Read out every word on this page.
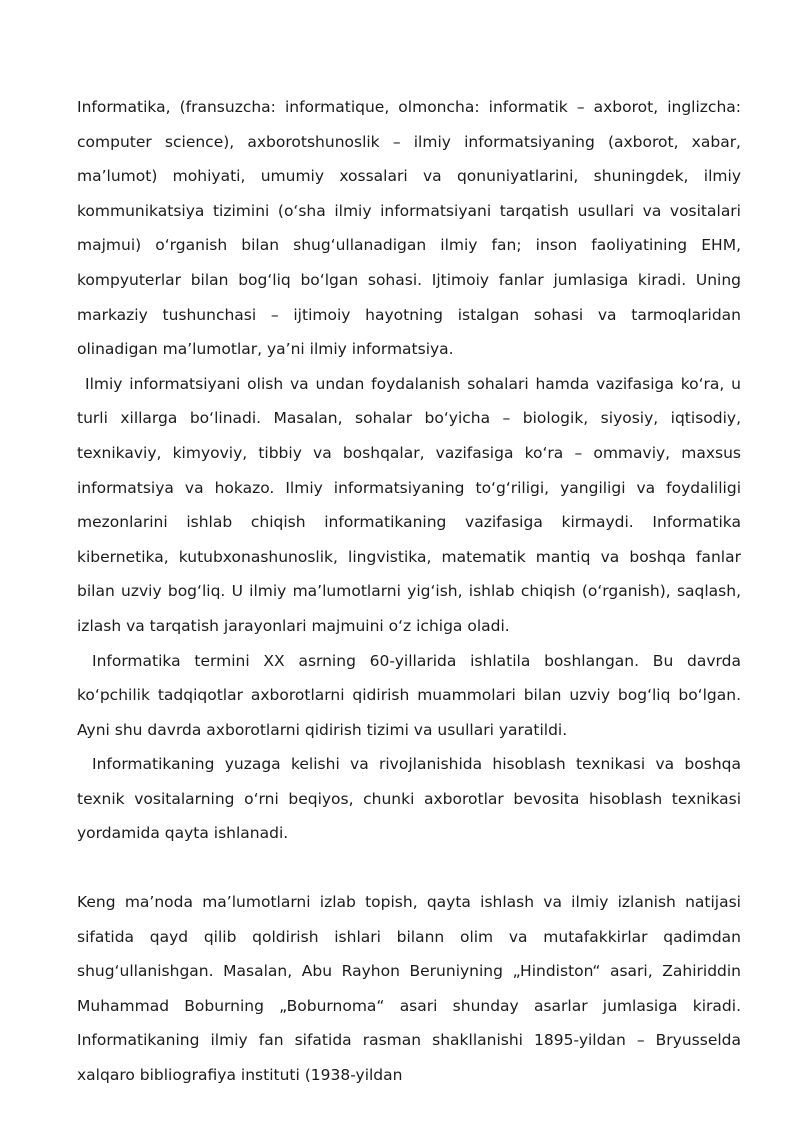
Informatika, (fransuzcha: informatique, olmoncha: informatik – axborot, inglizcha: computer science), axborotshunoslik – ilmiy informatsiyaning (axborot, xabar, ma’lumot) mohiyati, umumiy xossalari va qonuniyatlarini, shuningdek, ilmiy kommunikatsiya tizimini (o‘sha ilmiy informatsiyani tarqatish usullari va vositalari majmui) o‘rganish bilan shug‘ullanadigan ilmiy fan; inson faoliyatining EHM, kompyuterlar bilan bog‘liq bo‘lgan sohasi. Ijtimoiy fanlar jumlasiga kiradi. Uning markaziy tushunchasi – ijtimoiy hayotning istalgan sohasi va tarmoqlaridan olinadigan ma’lumotlar, ya’ni ilmiy informatsiya.

Ilmiy informatsiyani olish va undan foydalanish sohalari hamda vazifasiga ko‘ra, u turli xillarga bo‘linadi. Masalan, sohalar bo‘yicha – biologik, siyosiy, iqtisodiy, texnikaviy, kimyoviy, tibbiy va boshqalar, vazifasiga ko‘ra – ommaviy, maxsus informatsiya va hokazo. Ilmiy informatsiyaning to‘g‘riligi, yangiligi va foydaliligi mezonlarini ishlab chiqish informatikaning vazifasiga kirmaydi. Informatika kibernetika, kutubxonashunoslik, lingvistika, matematik mantiq va boshqa fanlar bilan uzviy bog‘liq. U ilmiy ma’lumotlarni yig‘ish, ishlab chiqish (o‘rganish), saqlash, izlash va tarqatish jarayonlari majmuini o‘z ichiga oladi.

Informatika termini XX asrning 60-yillarida ishlatila boshlangan. Bu davrda ko‘pchilik tadqiqotlar axborotlarni qidirish muammolari bilan uzviy bog‘liq bo‘lgan. Ayni shu davrda axborotlarni qidirish tizimi va usullari yaratildi.

Informatikaning yuzaga kelishi va rivojlanishida hisoblash texnikasi va boshqa texnik vositalarning o‘rni beqiyos, chunki axborotlar bevosita hisoblash texnikasi yordamida qayta ishlanadi.

Keng ma’noda ma’lumotlarni izlab topish, qayta ishlash va ilmiy izlanish natijasi sifatida qayd qilib qoldirish ishlari bilann olim va mutafakkirlar qadimdan shug‘ullanishgan. Masalan, Abu Rayhon Beruniyning „Hindiston“ asari, Zahiriddin Muhammad Boburning „Boburnoma“ asari shunday asarlar jumlasiga kiradi. Informatikaning ilmiy fan sifatida rasman shakllanishi 1895-yildan – Bryusselda xalqaro bibliografiya instituti (1938-yildan
